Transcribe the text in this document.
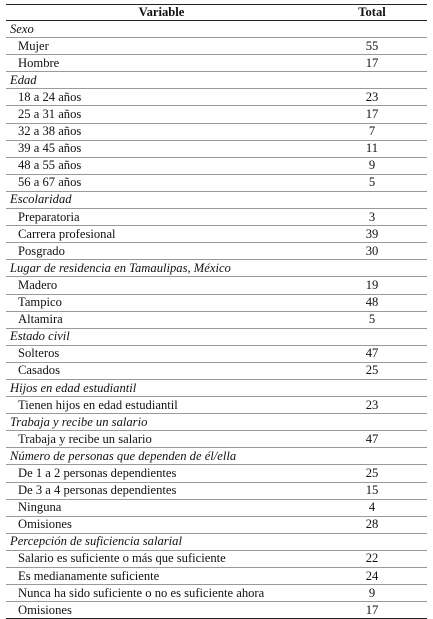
Variable	Total
Sexo	
Mujer	55
Hombre	17
Edad	
18 a 24 años	23
25 a 31 años	17
32 a 38 años	7
39 a 45 años	11
48 a 55 años	9
56 a 67 años	5
Escolaridad	
Preparatoria	3
Carrera profesional	39
Posgrado	30
Lugar de residencia en Tamaulipas, México	
Madero	19
Tampico	48
Altamira	5
Estado civil	
Solteros	47
Casados	25
Hijos en edad estudiantil	
Tienen hijos en edad estudiantil	23
Trabaja y recibe un salario	
Trabaja y recibe un salario	47
Número de personas que dependen de él/ella	
De 1 a 2 personas dependientes	25
De 3 a 4 personas dependientes	15
Ninguna	4
Omisiones	28
Percepción de suficiencia salarial	
Salario es suficiente o más que suficiente	22
Es medianamente suficiente	24
Nunca ha sido suficiente o no es suficiente ahora	9
Omisiones	17
